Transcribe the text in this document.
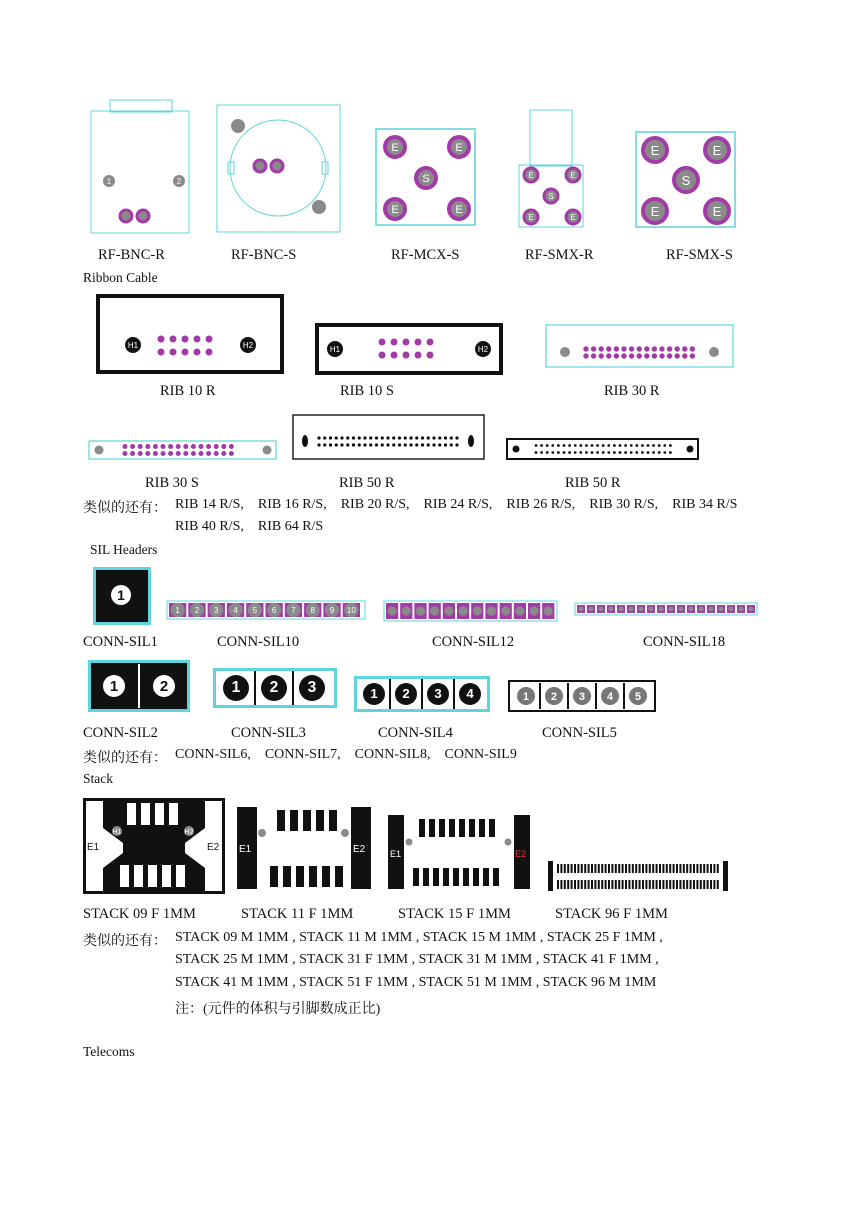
1	2
E	E
S
E	E
E	E
S
E	E
E	E
S
E	E
RF-BNC-R	RF-BNC-S	RF-MCX-S	RF-SMX-R	RF-SMX-S
Ribbon Cable
H1	H2	H1	H2
RIB 10 R	RIB 10 S	RIB 30 R
RIB 30 S	RIB 50 R	RIB 50 R
类似的还有： RIB 14 R/S,    RIB 16 R/S,    RIB 20 R/S,    RIB 24 R/S,    RIB 26 R/S,    RIB 30 R/S,    RIB 34 R/S
RIB 40 R/S,    RIB 64 R/S
SIL Headers
1
1 2 3 4 5 6 7 8 9 10
CONN-SIL1	CONN-SIL10	CONN-SIL12	CONN-SIL18
1	2	1 2 3	1 2 3 4	1 2 3 4 5
CONN-SIL2	CONN-SIL3	CONN-SIL4	CONN-SIL5
类似的还有： CONN-SIL6,    CONN-SIL7,    CONN-SIL8,    CONN-SIL9
Stack
H1	H2
E1	E2 E1	E2	E1	E2
STACK 09 F 1MM	STACK 11 F 1MM	STACK 15 F 1MM	STACK 96 F 1MM
类似的还有： STACK 09 M 1MM , STACK 11 M 1MM , STACK 15 M 1MM , STACK 25 F 1MM ,
STACK 25 M 1MM , STACK 31 F 1MM , STACK 31 M 1MM , STACK 41 F 1MM ,
STACK 41 M 1MM , STACK 51 F 1MM , STACK 51 M 1MM , STACK 96 M 1MM
注：(元件的体积与引脚数成正比)
Telecoms
